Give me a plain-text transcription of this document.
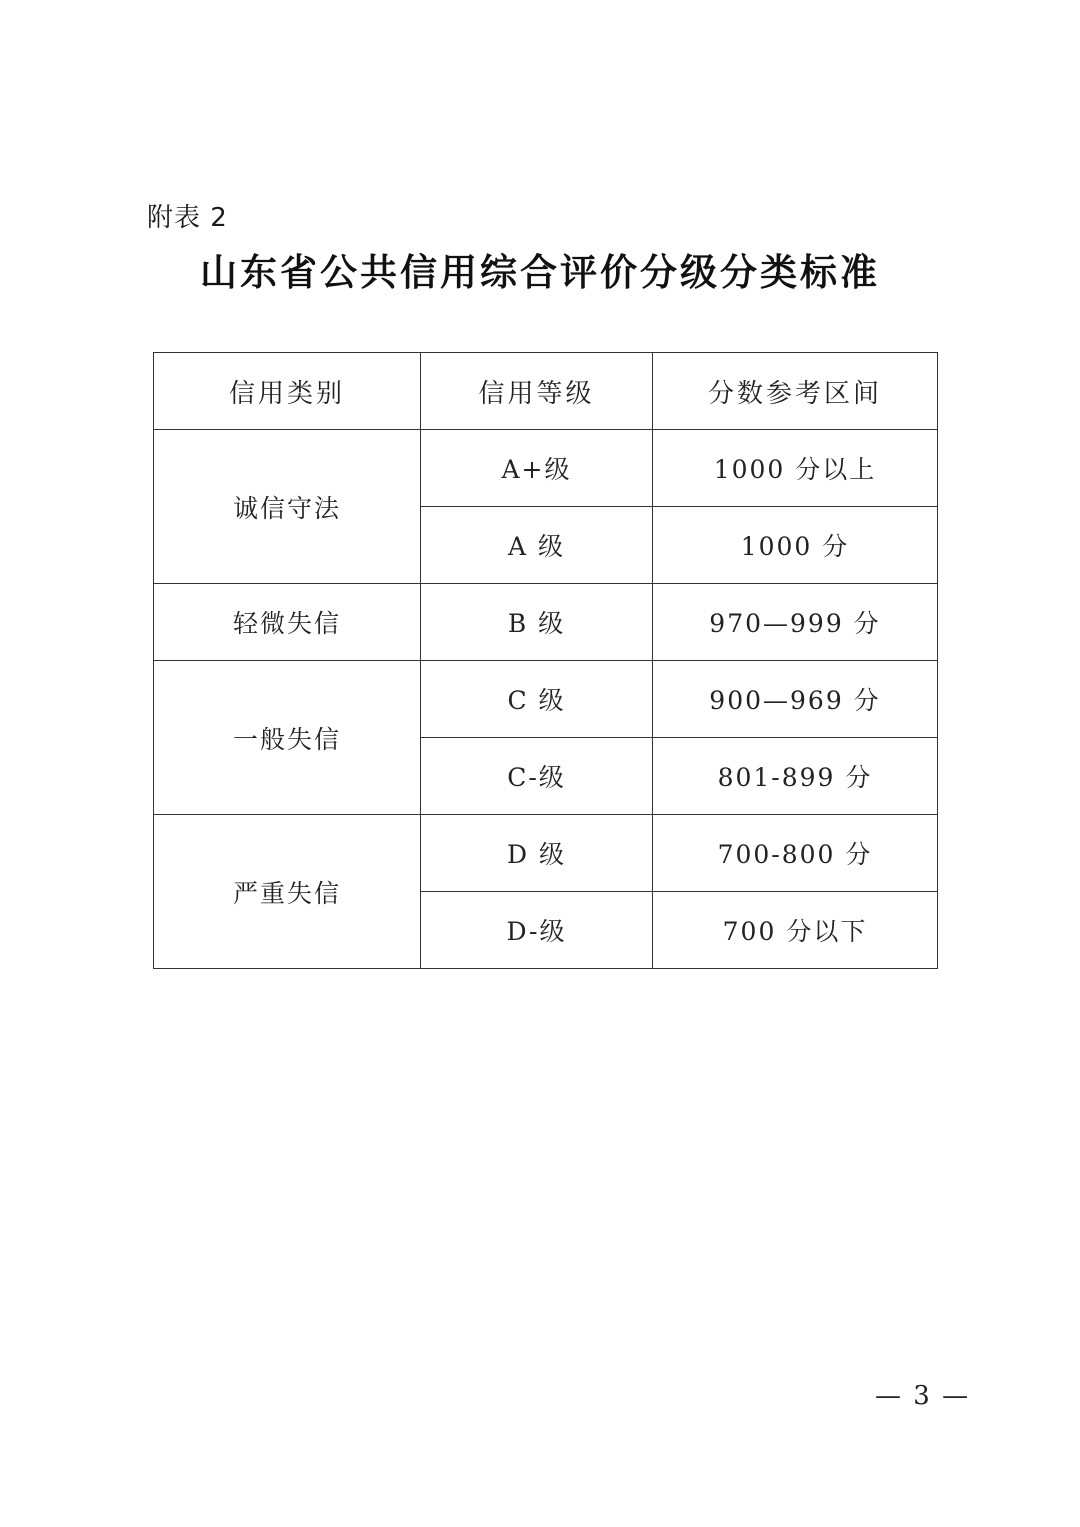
附表 2
山东省公共信用综合评价分级分类标准
信用类别	信用等级	分数参考区间
诚信守法	A+级	1000 分以上
	A 级	1000 分
轻微失信	B 级	970—999 分
一般失信	C 级	900—969 分
	C-级	801-899 分
严重失信	D 级	700-800 分
	D-级	700 分以下
— 3 —
